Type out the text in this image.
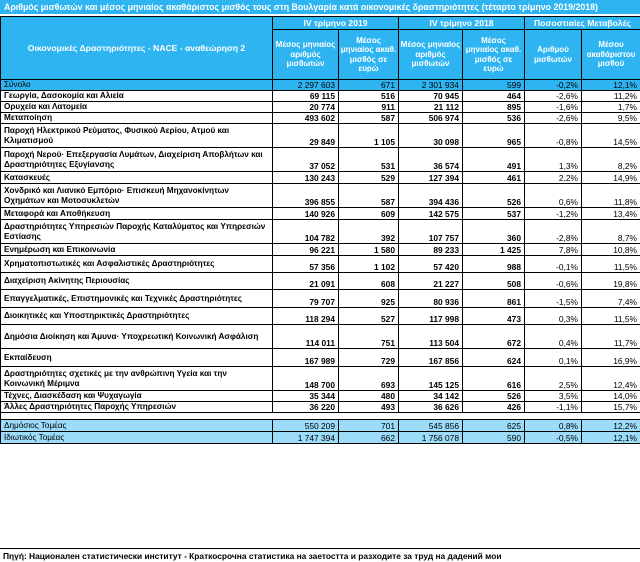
Αριθμός μισθωτών και μέσος μηνιαίος ακαθάριστος μισθός τους στη Βουλγαρία κατά οικονομικές δραστηριότητες (τέταρτο τρίμηνο 2019/2018)
Οικονομικές Δραστηριότητες - NACE - αναθεώρηση 2	IV τρίμηνο 2019		IV τρίμηνο 2018		Ποσοστιαίες Μεταβολές	
	Μέσος μηνιαίος αριθμός μισθωτών	Μέσος μηνιαίος ακαθ. μισθός σε ευρώ	Μέσος μηνιαίος αριθμός μισθωτών	Μέσος μηνιαίος ακαθ. μισθός σε ευρώ	Αριθμού μισθωτών	Μέσου ακαθάριστου μισθού
Σύνολο	2 297 603	671	2 301 934	599	-0,2%	12,1%
Γεωργία, Δασοκομία και Αλιεία	69 115	516	70 945	464	-2,6%	11,2%
Ορυχεία και Λατομεία	20 774	911	21 112	895	-1,6%	1,7%
Μεταποίηση	493 602	587	506 974	536	-2,6%	9,5%
Παροχή Ηλεκτρικού Ρεύματος, Φυσικού Αερίου, Ατμού και Κλιματισμού	29 849	1 105	30 098	965	-0,8%	14,5%
Παροχή Νερού· Επεξεργασία Λυμάτων, Διαχείριση Αποβλήτων και Δραστηριότητες Εξυγίανσης	37 052	531	36 574	491	1,3%	8,2%
Κατασκευές	130 243	529	127 394	461	2,2%	14,9%
Χονδρικό και Λιανικό Εμπόριο· Επισκευή Μηχανοκίνητων Οχημάτων και Μοτοσυκλετών	396 855	587	394 436	526	0,6%	11,8%
Μεταφορά και Αποθήκευση	140 926	609	142 575	537	-1,2%	13,4%
Δραστηριότητες Υπηρεσιών Παροχής Καταλύματος και Υπηρεσιών Εστίασης	104 782	392	107 757	360	-2,8%	8,7%
Ενημέρωση και Επικοινωνία	96 221	1 580	89 233	1 425	7,8%	10,8%
Χρηματοπιστωτικές και Ασφαλιστικές Δραστηριότητες	57 356	1 102	57 420	988	-0,1%	11,5%
Διαχείριση Ακίνητης Περιουσίας	21 091	608	21 227	508	-0,6%	19,8%
Επαγγελματικές, Επιστημονικές και Τεχνικές Δραστηριότητες	79 707	925	80 936	861	-1,5%	7,4%
Διοικητικές και Υποστηρικτικές Δραστηριότητες	118 294	527	117 998	473	0,3%	11,5%
Δημόσια Διοίκηση και Άμυνα· Υποχρεωτική Κοινωνική Ασφάλιση	114 011	751	113 504	672	0,4%	11,7%
Εκπαίδευση	167 989	729	167 856	624	0,1%	16,9%
Δραστηριότητες σχετικές με την ανθρώπινη Υγεία και την Κοινωνική Μέριμνα	148 700	693	145 125	616	2,5%	12,4%
Τέχνες, Διασκέδαση και Ψυχαγωγία	35 344	480	34 142	526	3,5%	14,0%
Άλλες Δραστηριότητες Παροχής Υπηρεσιών	36 220	493	36 626	426	-1,1%	15,7%

Δημόσιος Τομέας	550 209	701	545 856	625	0,8%	12,2%
Ιδιωτικός Τομέας	1 747 394	662	1 756 078	590	-0,5%	12,1%
Πηγή: Национален статистически институт - Краткосрочна статистика на заетостта и разходите за труд на дадений мои
